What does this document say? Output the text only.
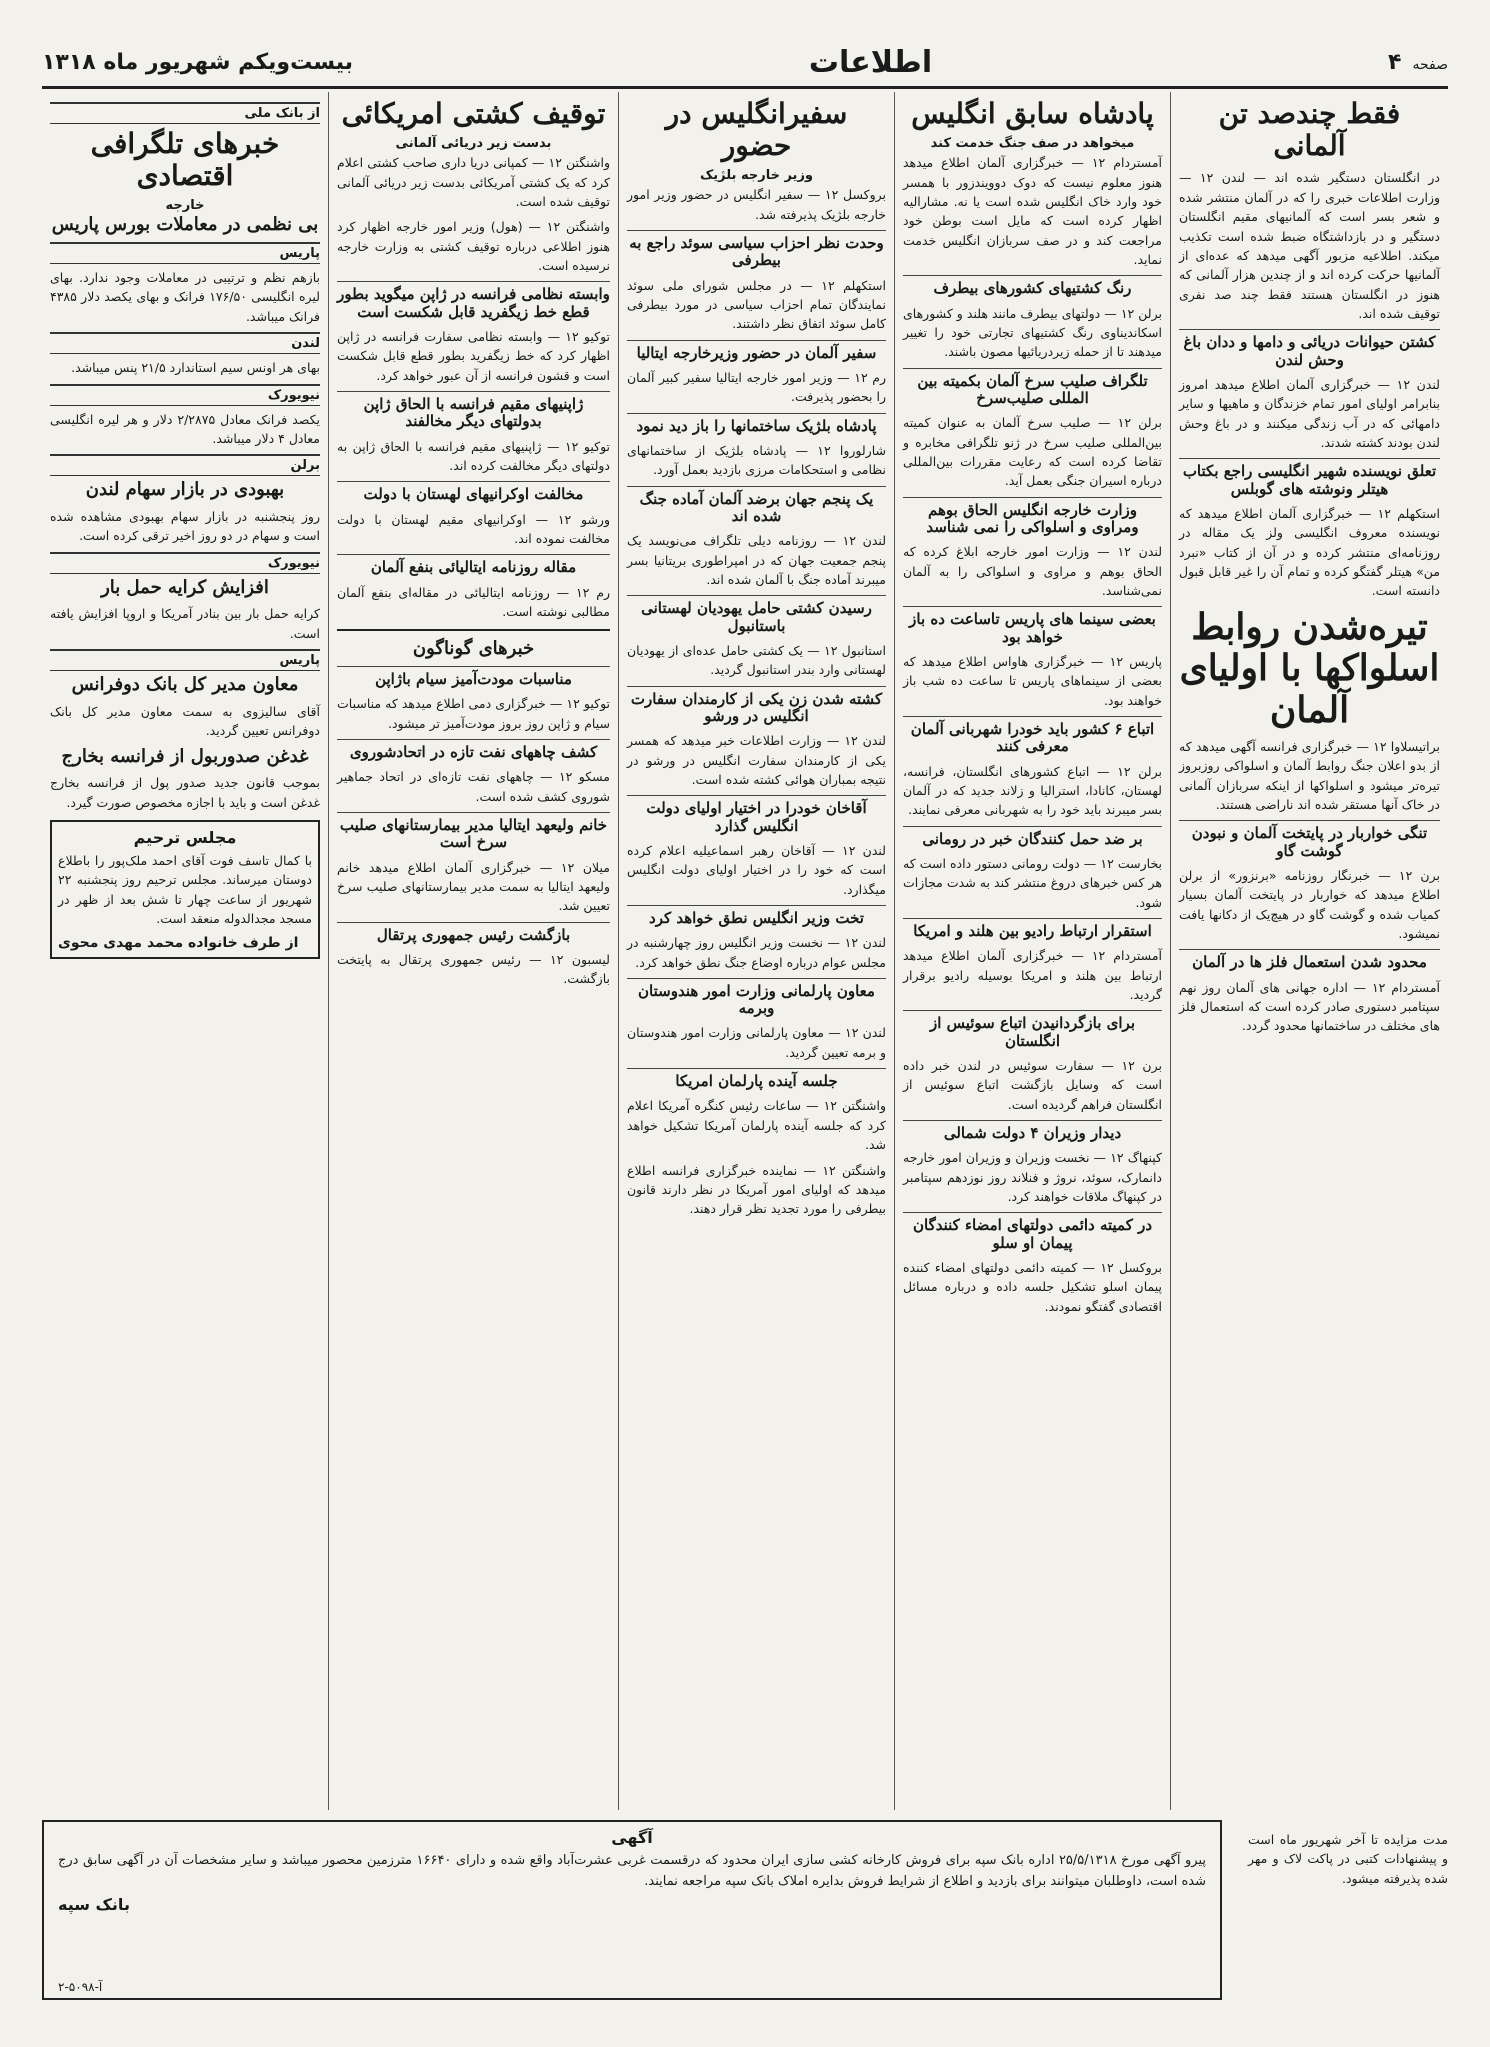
صفحه ۴
اطلاعات
بیست‌ویکم شهریور ماه ۱۳۱۸
فقط چندصد تن آلمانی

در انگلستان دستگیر شده اند — لندن ۱۲ — وزارت اطلاعات خبری را که در آلمان منتشر شده و شعر بسر است که آلمانیهای مقیم انگلستان دستگیر و در بازداشتگاه ضبط شده است تکذیب میکند. اطلاعیه مزبور آگهی میدهد که عده‌ای از آلمانیها حرکت کرده اند و از چندین هزار آلمانی که هنوز در انگلستان هستند فقط چند صد نفری توقیف شده اند.

کشتن حیوانات دریائی و دامها و ددان باغ وحش لندن

لندن ۱۲ — خبرگزاری آلمان اطلاع میدهد امروز بنابرامر اولیای امور تمام خزندگان و ماهیها و سایر دامهائی که در آب زندگی میکنند و در باغ وحش لندن بودند کشته شدند.

تعلق نویسنده شهیر انگلیسی راجع بکتاب هیتلر ونوشته های گوبلس

استکهلم ۱۲ — خبرگزاری آلمان اطلاع میدهد که نویسنده معروف انگلیسی ولز یک مقاله در روزنامه‌ای منتشر کرده و در آن از کتاب «نبرد من» هیتلر گفتگو کرده و تمام آن را غیر قابل قبول دانسته است.

تیره‌شدن روابط اسلواکها با اولیای آلمان

براتیسلاوا ۱۲ — خبرگزاری فرانسه آگهی میدهد که از بدو اعلان جنگ روابط آلمان و اسلواکی روزبروز تیره‌تر میشود و اسلواکها از اینکه سربازان آلمانی در خاک آنها مستقر شده اند ناراضی هستند.

تنگی خواربار در پایتخت آلمان و نبودن گوشت گاو

برن ۱۲ — خبرنگار روزنامه «برنزور» از برلن اطلاع میدهد که خواربار در پایتخت آلمان بسیار کمیاب شده و گوشت گاو در هیچ‌یک از دکانها یافت نمیشود.

محدود شدن استعمال فلز ها در آلمان

آمستردام ۱۲ — اداره جهانی های آلمان روز نهم سپتامبر دستوری صادر کرده است که استعمال فلز های مختلف در ساختمانها محدود گردد.

پادشاه سابق انگلیس
میخواهد در صف جنگ خدمت کند

آمستردام ۱۲ — خبرگزاری آلمان اطلاع میدهد هنوز معلوم نیست که دوک دوویندزور با همسر خود وارد خاک انگلیس شده است یا نه. مشارالیه اظهار کرده است که مایل است بوطن خود مراجعت کند و در صف سربازان انگلیس خدمت نماید.

رنگ کشتیهای کشورهای بیطرف

برلن ۱۲ — دولتهای بیطرف مانند هلند و کشورهای اسکاندیناوی رنگ کشتیهای تجارتی خود را تغییر میدهند تا از حمله زیردریائیها مصون باشند.

تلگراف صلیب سرخ آلمان بکمیته بین المللی صلیب‌سرخ

برلن ۱۲ — صلیب سرخ آلمان به عنوان کمیته بین‌المللی صلیب سرخ در ژنو تلگرافی مخابره و تقاضا کرده است که رعایت مقررات بین‌المللی درباره اسیران جنگی بعمل آید.

وزارت خارجه انگلیس الحاق بوهم ومراوی و اسلواکی را نمی شناسد

لندن ۱۲ — وزارت امور خارجه ابلاغ کرده که الحاق بوهم و مراوی و اسلواکی را به آلمان نمی‌شناسد.

بعضی سینما های پاریس تاساعت ده باز خواهد بود

پاریس ۱۲ — خبرگزاری هاواس اطلاع میدهد که بعضی از سینماهای پاریس تا ساعت ده شب باز خواهند بود.

اتباع ۶ کشور باید خودرا شهربانی آلمان معرفی کنند

برلن ۱۲ — اتباع کشورهای انگلستان، فرانسه، لهستان، کانادا، استرالیا و زلاند جدید که در آلمان بسر میبرند باید خود را به شهربانی معرفی نمایند.

بر ضد حمل کنندگان خبر در رومانی

بخارست ۱۲ — دولت رومانی دستور داده است که هر کس خبرهای دروغ منتشر کند به شدت مجازات شود.

استقرار ارتباط رادیو بین هلند و امریکا

آمستردام ۱۲ — خبرگزاری آلمان اطلاع میدهد ارتباط بین هلند و امریکا بوسیله رادیو برقرار گردید.

برای بازگردانیدن اتباع سوئیس از انگلستان

برن ۱۲ — سفارت سوئیس در لندن خبر داده است که وسایل بازگشت اتباع سوئیس از انگلستان فراهم گردیده است.

دیدار وزیران ۴ دولت شمالی

کپنهاگ ۱۲ — نخست وزیران و وزیران امور خارجه دانمارک، سوئد، نروژ و فنلاند روز نوزدهم سپتامبر در کپنهاگ ملاقات خواهند کرد.

در کمیته دائمی دولتهای امضاء کنندگان پیمان او سلو

بروکسل ۱۲ — کمیته دائمی دولتهای امضاء کننده پیمان اسلو تشکیل جلسه داده و درباره مسائل اقتصادی گفتگو نمودند.

سفیرانگلیس در حضور
وزیر خارجه بلژیک

بروکسل ۱۲ — سفیر انگلیس در حضور وزیر امور خارجه بلژیک پذیرفته شد.

وحدت نظر احزاب سیاسی سوئد راجع به بیطرفی

استکهلم ۱۲ — در مجلس شورای ملی سوئد نمایندگان تمام احزاب سیاسی در مورد بیطرفی کامل سوئد اتفاق نظر داشتند.

سفیر آلمان در حضور وزیرخارجه ایتالیا

رم ۱۲ — وزیر امور خارجه ایتالیا سفیر کبیر آلمان را بحضور پذیرفت.

پادشاه بلژیک ساختمانها را باز دید نمود

شارلوروا ۱۲ — پادشاه بلژیک از ساختمانهای نظامی و استحکامات مرزی بازدید بعمل آورد.

یک پنجم جهان برضد آلمان آماده جنگ شده اند

لندن ۱۲ — روزنامه دیلی تلگراف می‌نویسد یک پنجم جمعیت جهان که در امپراطوری بریتانیا بسر میبرند آماده جنگ با آلمان شده اند.

رسیدن کشتی حامل یهودیان لهستانی باستانبول

استانبول ۱۲ — یک کشتی حامل عده‌ای از یهودیان لهستانی وارد بندر استانبول گردید.

کشته شدن زن یکی از کارمندان سفارت انگلیس در ورشو

لندن ۱۲ — وزارت اطلاعات خبر میدهد که همسر یکی از کارمندان سفارت انگلیس در ورشو در نتیجه بمباران هوائی کشته شده است.

آقاخان خودرا در اختیار اولیای دولت انگلیس گذارد

لندن ۱۲ — آقاخان رهبر اسماعیلیه اعلام کرده است که خود را در اختیار اولیای دولت انگلیس میگذارد.

تخت وزیر انگلیس نطق خواهد کرد

لندن ۱۲ — نخست وزیر انگلیس روز چهارشنبه در مجلس عوام درباره اوضاع جنگ نطق خواهد کرد.

معاون پارلمانی وزارت امور هندوستان وبرمه

لندن ۱۲ — معاون پارلمانی وزارت امور هندوستان و برمه تعیین گردید.

جلسه آینده پارلمان امریکا

واشنگتن ۱۲ — ساعات رئیس کنگره آمریکا اعلام کرد که جلسه آینده پارلمان آمریکا تشکیل خواهد شد.

واشنگتن ۱۲ — نماینده خبرگزاری فرانسه اطلاع میدهد که اولیای امور آمریکا در نظر دارند قانون بیطرفی را مورد تجدید نظر قرار دهند.

توقیف کشتی امریکائی
بدست زیر دریائی آلمانی

واشنگتن ۱۲ — کمپانی دریا داری صاحب کشتی اعلام کرد که یک کشتی آمریکائی بدست زیر دریائی آلمانی توقیف شده است.

واشنگتن ۱۲ — (هول) وزیر امور خارجه اظهار کرد هنوز اطلاعی درباره توقیف کشتی به وزارت خارجه نرسیده است.

وابسته نظامی فرانسه در ژاپن میگوید بطور قطع خط زیگفرید قابل شکست است

توکیو ۱۲ — وابسته نظامی سفارت فرانسه در ژاپن اظهار کرد که خط زیگفرید بطور قطع قابل شکست است و قشون فرانسه از آن عبور خواهد کرد.

ژاپنیهای مقیم فرانسه با الحاق ژاپن بدولتهای دیگر مخالفند

توکیو ۱۲ — ژاپنیهای مقیم فرانسه با الحاق ژاپن به دولتهای دیگر مخالفت کرده اند.

مخالفت اوکرانیهای لهستان با دولت

ورشو ۱۲ — اوکرانیهای مقیم لهستان با دولت مخالفت نموده اند.

مقاله روزنامه ایتالیائی بنفع آلمان

رم ۱۲ — روزنامه ایتالیائی در مقاله‌ای بنفع آلمان مطالبی نوشته است.

خبرهای گوناگون
مناسبات مودت‌آمیز سیام باژاپن

توکیو ۱۲ — خبرگزاری دمی اطلاع میدهد که مناسبات سیام و ژاپن روز بروز مودت‌آمیز تر میشود.

کشف چاههای نفت تازه در اتحادشوروی

مسکو ۱۲ — چاههای نفت تازه‌ای در اتحاد جماهیر شوروی کشف شده است.

خانم ولیعهد ایتالیا مدیر بیمارستانهای صلیب سرخ است

میلان ۱۲ — خبرگزاری آلمان اطلاع میدهد خانم ولیعهد ایتالیا به سمت مدیر بیمارستانهای صلیب سرخ تعیین شد.

بازگشت رئیس جمهوری پرتقال

لیسبون ۱۲ — رئیس جمهوری پرتقال به پایتخت بازگشت.

از بانک ملی
خبرهای تلگرافی اقتصادی
خارجه
بی نظمی در معاملات بورس پاریس
پاریس

بازهم نظم و ترتیبی در معاملات وجود ندارد. بهای لیره انگلیسی ۱۷۶/۵۰ فرانک و بهای یکصد دلار ۴۳۸۵ فرانک میباشد.

لندن

بهای هر اونس سیم استاندارد ۲۱/۵ پنس میباشد.

نیویورک

یکصد فرانک معادل ۲/۲۸۷۵ دلار و هر لیره انگلیسی معادل ۴ دلار میباشد.

برلن
بهبودی در بازار سهام لندن

روز پنجشنبه در بازار سهام بهبودی مشاهده شده است و سهام در دو روز اخیر ترقی کرده است.

نیویورک
افزایش کرایه حمل بار

کرایه حمل بار بین بنادر آمریکا و اروپا افزایش یافته است.

پاریس
معاون مدیر کل بانک دوفرانس

آقای سالیزوی به سمت معاون مدیر کل بانک دوفرانس تعیین گردید.

غدغن صدوربول از فرانسه بخارج

بموجب قانون جدید صدور پول از فرانسه بخارج غدغن است و باید با اجازه مخصوص صورت گیرد.

مجلس ترحیم

با کمال تاسف فوت آقای احمد ملک‌پور را باطلاع دوستان میرساند. مجلس ترحیم روز پنجشنبه ۲۲ شهریور از ساعت چهار تا شش بعد از ظهر در مسجد مجدالدوله منعقد است.

از طرف خانواده محمد مهدی محوی
مدت مزایده تا آخر شهریور ماه است و پیشنهادات کتبی در پاکت لاک و مهر شده پذیرفته میشود.
آگهی
پیرو آگهی مورخ ۲۵/۵/۱۳۱۸ اداره بانک سپه برای فروش کارخانه کشی سازی ایران محدود که درقسمت غربی عشرت‌آباد واقع شده و دارای ۱۶۶۴۰ مترزمین محصور میباشد و سایر مشخصات آن در آگهی سابق درج شده است، داوطلبان میتوانند برای بازدید و اطلاع از شرایط فروش بدایره املاک بانک سپه مراجعه نمایند.
بانک سپه
آ-۵۰۹۸-۲
